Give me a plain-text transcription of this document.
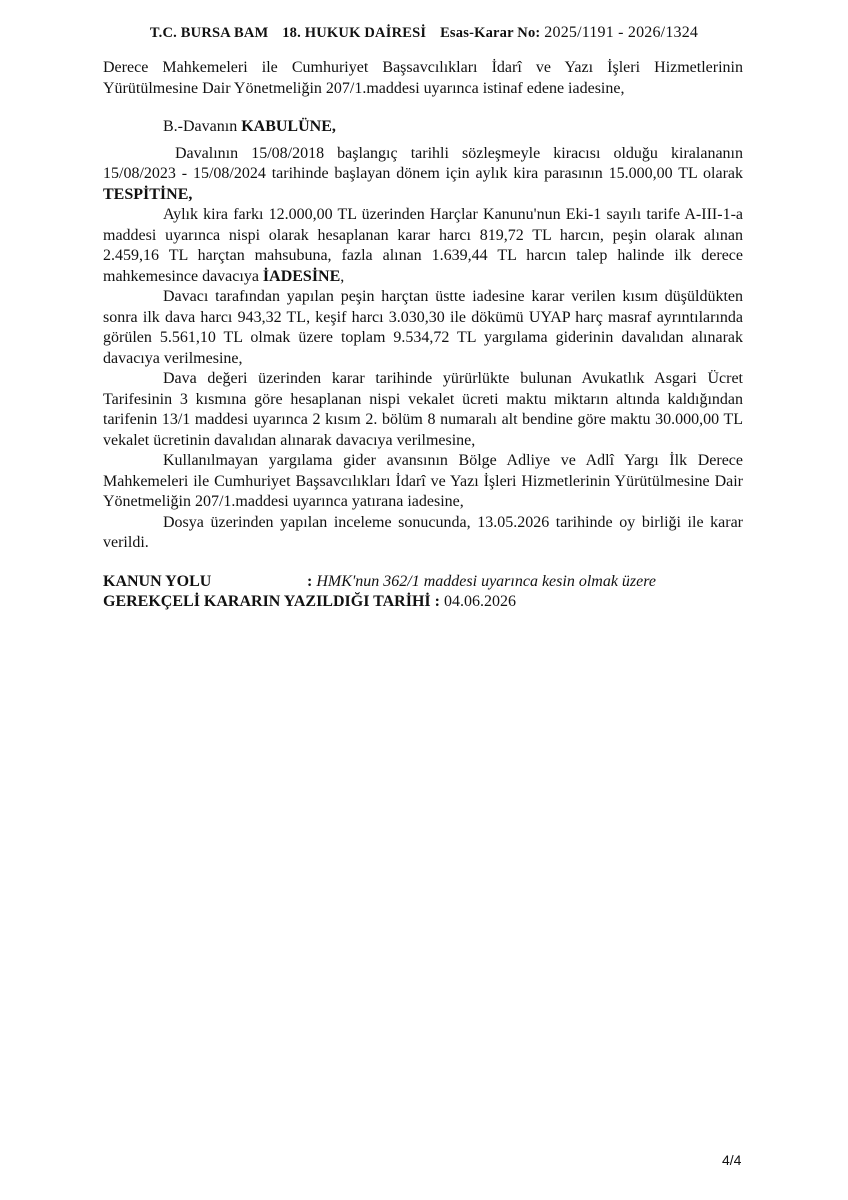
T.C. BURSA BAM 18. HUKUK DAİRESİ Esas-Karar No: 2025/1191 - 2026/1324

Derece Mahkemeleri ile Cumhuriyet Başsavcılıkları İdarî ve Yazı İşleri Hizmetlerinin Yürütülmesine Dair Yönetmeliğin 207/1.maddesi uyarınca istinaf edene iadesine,

B.-Davanın KABULÜNE,

Davalının 15/08/2018 başlangıç tarihli sözleşmeyle kiracısı olduğu kiralananın 15/08/2023 - 15/08/2024 tarihinde başlayan dönem için aylık kira parasının 15.000,00 TL olarak TESPİTİNE,

Aylık kira farkı 12.000,00 TL üzerinden Harçlar Kanunu'nun Eki-1 sayılı tarife A-III-1-a maddesi uyarınca nispi olarak hesaplanan karar harcı 819,72 TL harcın, peşin olarak alınan 2.459,16 TL harçtan mahsubuna, fazla alınan 1.639,44 TL harcın talep halinde ilk derece mahkemesince davacıya İADESİNE,

Davacı tarafından yapılan peşin harçtan üstte iadesine karar verilen kısım düşüldükten sonra ilk dava harcı 943,32 TL, keşif harcı 3.030,30 ile dökümü UYAP harç masraf ayrıntılarında görülen 5.561,10 TL olmak üzere toplam 9.534,72 TL yargılama giderinin davalıdan alınarak davacıya verilmesine,

Dava değeri üzerinden karar tarihinde yürürlükte bulunan Avukatlık Asgari Ücret Tarifesinin 3 kısmına göre hesaplanan nispi vekalet ücreti maktu miktarın altında kaldığından tarifenin 13/1 maddesi uyarınca 2 kısım 2. bölüm 8 numaralı alt bendine göre maktu 30.000,00 TL vekalet ücretinin davalıdan alınarak davacıya verilmesine,

Kullanılmayan yargılama gider avansının Bölge Adliye ve Adlî Yargı İlk Derece Mahkemeleri ile Cumhuriyet Başsavcılıkları İdarî ve Yazı İşleri Hizmetlerinin Yürütülmesine Dair Yönetmeliğin 207/1.maddesi uyarınca yatırana iadesine,

Dosya üzerinden yapılan inceleme sonucunda, 13.05.2026 tarihinde oy birliği ile karar verildi.

KANUN YOLU	: HMK'nun 362/1 maddesi uyarınca kesin olmak üzere
GEREKÇELİ KARARIN YAZILDIĞI TARİHİ : 04.06.2026
4/4
